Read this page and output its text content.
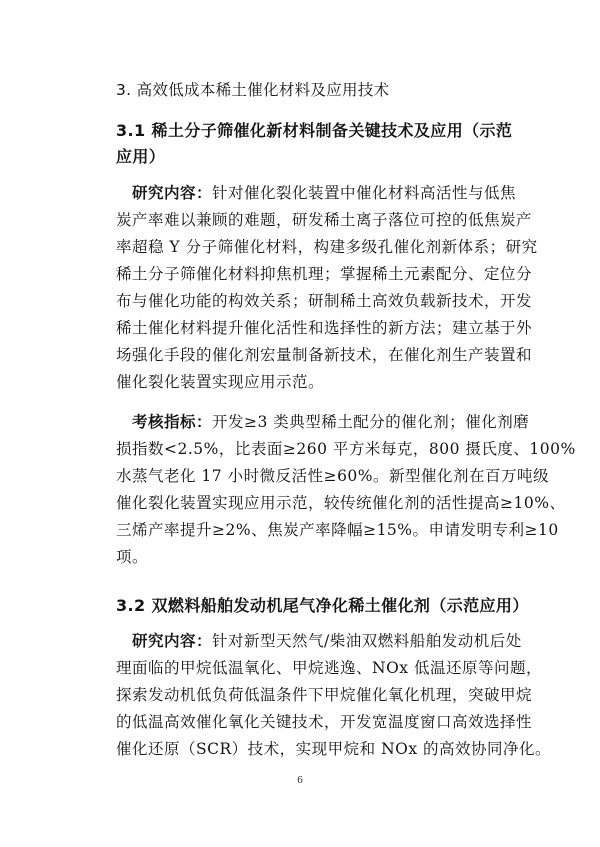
3. 高效低成本稀土催化材料及应用技术
3.1 稀土分子筛催化新材料制备关键技术及应用（示范
应用）
研究内容：针对催化裂化装置中催化材料高活性与低焦
炭产率难以兼顾的难题，研发稀土离子落位可控的低焦炭产
率超稳 Y 分子筛催化材料，构建多级孔催化剂新体系；研究
稀土分子筛催化材料抑焦机理；掌握稀土元素配分、定位分
布与催化功能的构效关系；研制稀土高效负载新技术，开发
稀土催化材料提升催化活性和选择性的新方法；建立基于外
场强化手段的催化剂宏量制备新技术，在催化剂生产装置和
催化裂化装置实现应用示范。
考核指标：开发≥3 类典型稀土配分的催化剂；催化剂磨
损指数<2.5%，比表面≥260 平方米每克，800 摄氏度、100%
水蒸气老化 17 小时微反活性≥60%。新型催化剂在百万吨级
催化裂化装置实现应用示范，较传统催化剂的活性提高≥10%、
三烯产率提升≥2%、焦炭产率降幅≥15%。申请发明专利≥10
项。
3.2 双燃料船舶发动机尾气净化稀土催化剂（示范应用）
研究内容：针对新型天然气/柴油双燃料船舶发动机后处
理面临的甲烷低温氧化、甲烷逃逸、NOx 低温还原等问题，
探索发动机低负荷低温条件下甲烷催化氧化机理，突破甲烷
的低温高效催化氧化关键技术，开发宽温度窗口高效选择性
催化还原（SCR）技术，实现甲烷和 NOx 的高效协同净化。
6
